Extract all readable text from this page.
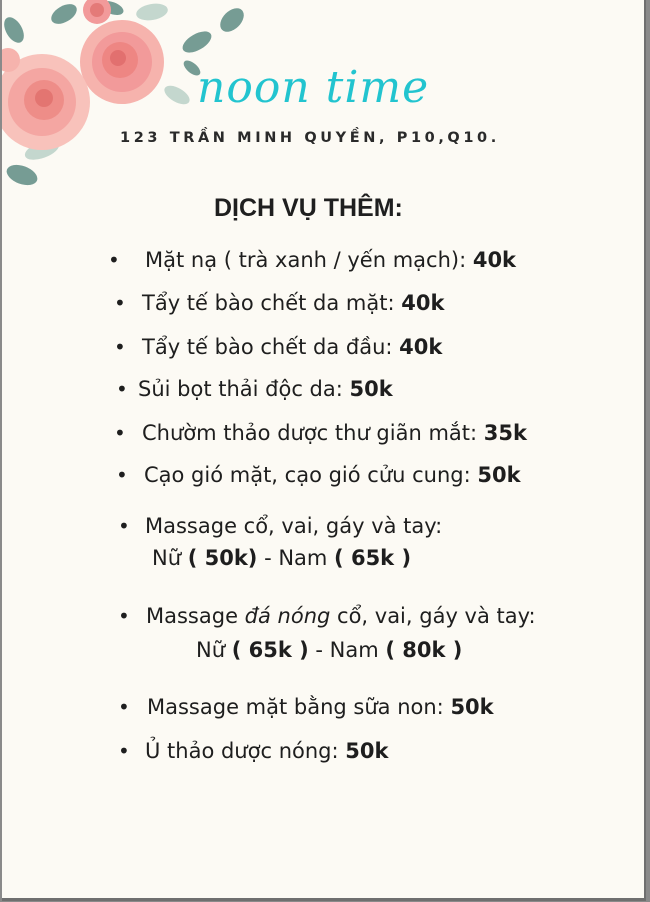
noon time
123 TRẦN MINH QUYỀN, P10,Q10.
DỊCH VỤ THÊM:
• Mặt nạ ( trà xanh / yến mạch): 40k
• Tẩy tế bào chết da mặt: 40k
• Tẩy tế bào chết da đầu: 40k
• Sủi bọt thải độc da: 50k
• Chườm thảo dược thư giãn mắt: 35k
• Cạo gió mặt, cạo gió cửu cung: 50k
• Massage cổ, vai, gáy và tay:
Nữ ( 50k) - Nam ( 65k )
• Massage đá nóng cổ, vai, gáy và tay:
Nữ ( 65k ) - Nam ( 80k )
• Massage mặt bằng sữa non: 50k
• Ủ thảo dược nóng: 50k
